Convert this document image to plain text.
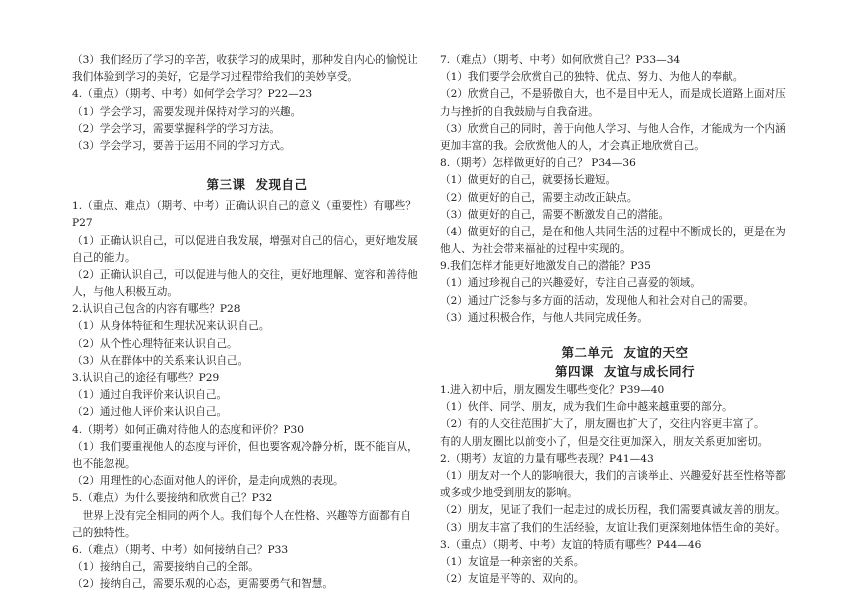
（3）我们经历了学习的辛苦，收获学习的成果时，那种发自内心的愉悦让
我们体验到学习的美好，它是学习过程带给我们的美妙享受。
4.（重点）（期考、中考）如何学会学习？P22—23
（1）学会学习，需要发现并保持对学习的兴趣。
（2）学会学习，需要掌握科学的学习方法。
（3）学会学习，要善于运用不同的学习方式。
第三课 发现自己
1.（重点、难点）（期考、中考）正确认识自己的意义（重要性）有哪些？
P27
（1）正确认识自己，可以促进自我发展，增强对自己的信心，更好地发展
自己的能力。
（2）正确认识自己，可以促进与他人的交往，更好地理解、宽容和善待他
人，与他人积极互动。
2.认识自己包含的内容有哪些？P28
（1）从身体特征和生理状况来认识自己。
（2）从个性心理特征来认识自己。
（3）从在群体中的关系来认识自己。
3.认识自己的途径有哪些？P29
（1）通过自我评价来认识自己。
（2）通过他人评价来认识自己。
4.（期考）如何正确对待他人的态度和评价？P30
（1）我们要重视他人的态度与评价，但也要客观冷静分析，既不能盲从，
也不能忽视。
（2）用理性的心态面对他人的评价，是走向成熟的表现。
5.（难点）为什么要接纳和欣赏自己？P32
　世界上没有完全相同的两个人。我们每个人在性格、兴趣等方面都有自
己的独特性。
6.（难点）（期考、中考）如何接纳自己？P33
（1）接纳自己，需要接纳自己的全部。
（2）接纳自己，需要乐观的心态，更需要勇气和智慧。
7.（难点）（期考、中考）如何欣赏自己？P33—34
（1）我们要学会欣赏自己的独特、优点、努力、为他人的奉献。
（2）欣赏自己，不是骄傲自大，也不是目中无人，而是成长道路上面对压
力与挫折的自我鼓励与自我奋进。
（3）欣赏自己的同时，善于向他人学习、与他人合作，才能成为一个内涵
更加丰富的我。会欣赏他人的人，才会真正地欣赏自己。
8.（期考）怎样做更好的自己？ P34—36
（1）做更好的自己，就要扬长避短。
（2）做更好的自己，需要主动改正缺点。
（3）做更好的自己，需要不断激发自己的潜能。
（4）做更好的自己，是在和他人共同生活的过程中不断成长的，更是在为
他人、为社会带来福祉的过程中实现的。
9.我们怎样才能更好地激发自己的潜能？P35
（1）通过珍视自己的兴趣爱好，专注自己喜爱的领域。
（2）通过广泛参与多方面的活动，发现他人和社会对自己的需要。
（3）通过积极合作，与他人共同完成任务。
第二单元 友谊的天空
第四课 友谊与成长同行
1.进入初中后，朋友圈发生哪些变化？P39—40
（1）伙伴、同学、朋友，成为我们生命中越来越重要的部分。
（2）有的人交往范围扩大了，朋友圈也扩大了，交往内容更丰富了。
有的人朋友圈比以前变小了，但是交往更加深入，朋友关系更加密切。
2.（期考）友谊的力量有哪些表现？P41—43
（1）朋友对一个人的影响很大，我们的言谈举止、兴趣爱好甚至性格等都
或多或少地受到朋友的影响。
（2）朋友，见证了我们一起走过的成长历程，我们需要真诚友善的朋友。
（3）朋友丰富了我们的生活经验，友谊让我们更深刻地体悟生命的美好。
3.（重点）（期考、中考）友谊的特质有哪些？P44—46
（1）友谊是一种亲密的关系。
（2）友谊是平等的、双向的。
